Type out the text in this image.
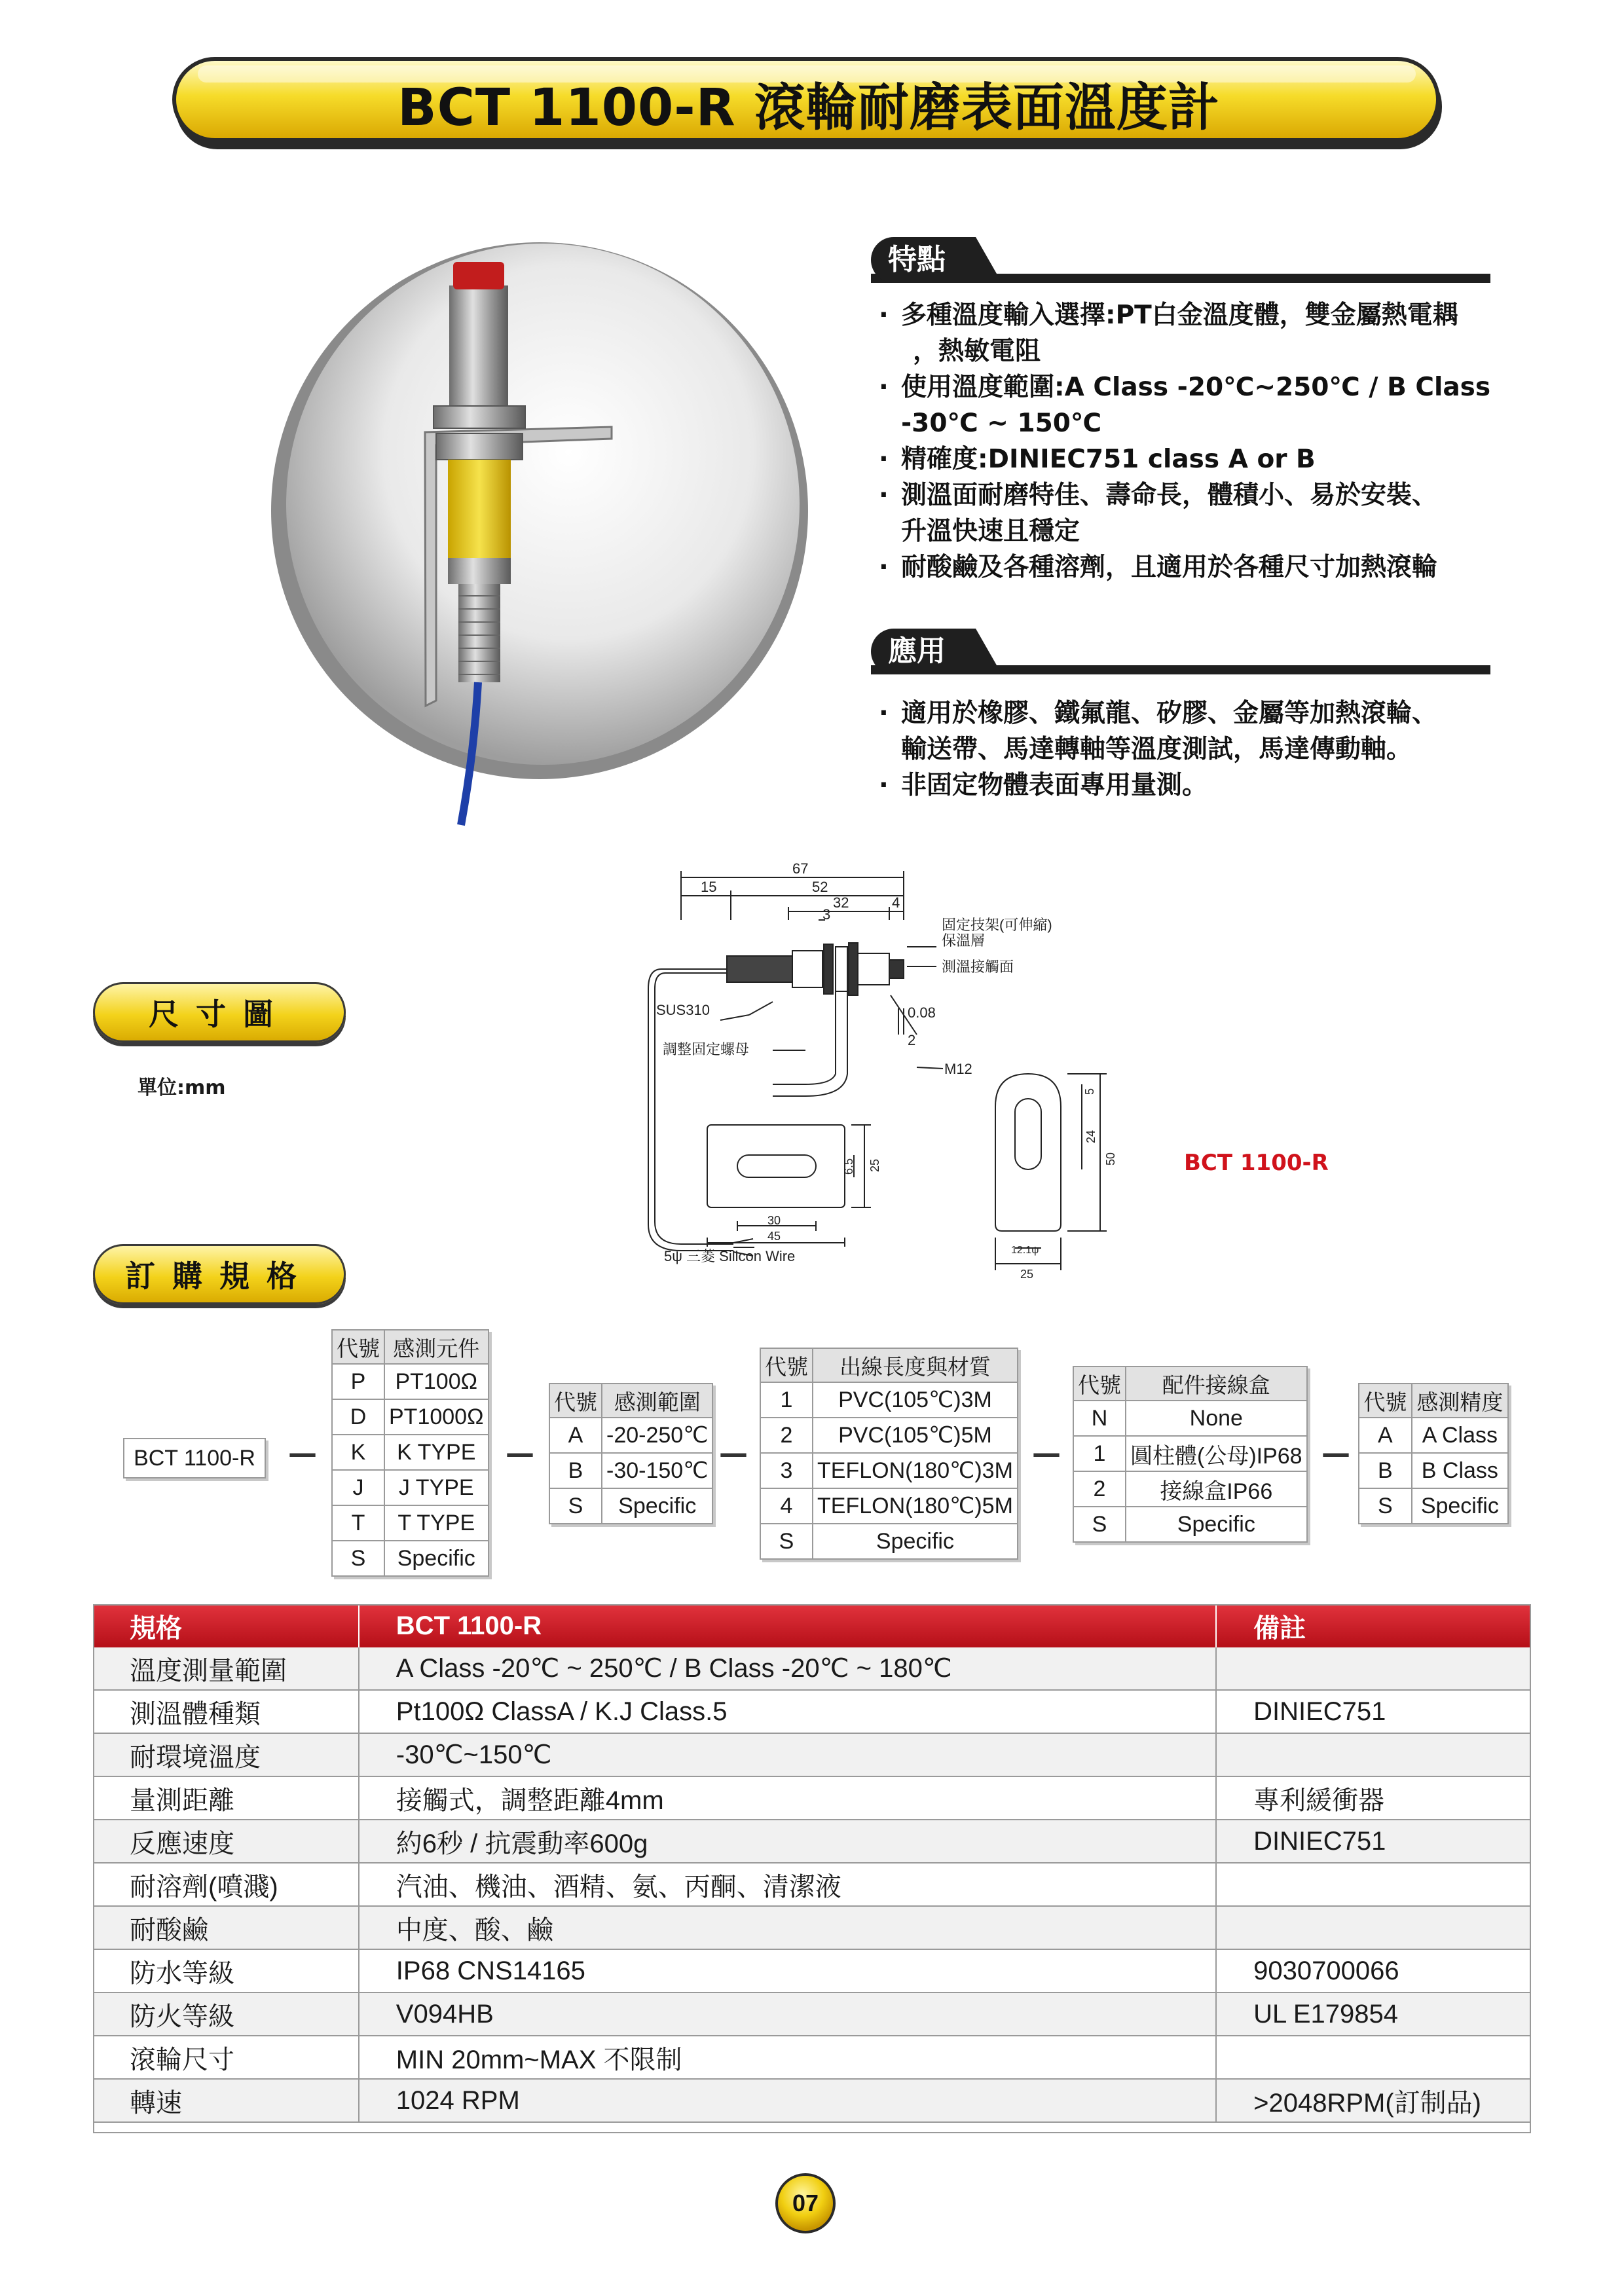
BCT 1100-R 滾輪耐磨表面溫度計
特點
· 多種溫度輸入選擇:PT白金溫度體，雙金屬熱電耦
，熱敏電阻
· 使用溫度範圍:A Class -20℃~250℃ / B Class
-30℃ ~ 150℃
· 精確度:DINIEC751 class A or B
· 測溫面耐磨特佳、壽命長，體積小、易於安裝、
升溫快速且穩定
· 耐酸鹼及各種溶劑，且適用於各種尺寸加熱滾輪
應用
· 適用於橡膠、鐵氟龍、矽膠、金屬等加熱滾輪、
輸送帶、馬達轉軸等溫度測試，馬達傳動軸。
· 非固定物體表面專用量測。
尺寸圖
單位:mm
67
15	52
32
3
4
固定技架(可伸縮)
保溫層
測溫接觸面
SUS310
調整固定螺母
0.08
2
M12
6.5 25
30
45
5ψ 三菱 Silicon Wire
5
24
50
12.1ψ
25
BCT 1100-R
訂購規格
BCT 1100-R	—	—	—	—	—
代號	感測元件
P	PT100Ω
D	PT1000Ω
K	K TYPE
J	J TYPE
T	T TYPE
S	Specific
代號	感測範圍
A	-20-250℃
B	-30-150℃
S	Specific
代號	出線長度與材質
1	PVC(105℃)3M
2	PVC(105℃)5M
3	TEFLON(180℃)3M
4	TEFLON(180℃)5M
S	Specific
代號	配件接線盒
N	None
1	圓柱體(公母)IP68
2	接線盒IP66
S	Specific
代號	感測精度
A	A Class
B	B Class
S	Specific
規格	BCT 1100-R	備註
溫度測量範圍	A Class -20℃ ~ 250℃ / B Class -20℃ ~ 180℃	
測溫體種類	Pt100Ω ClassA / K.J Class.5	DINIEC751
耐環境溫度	-30℃~150℃	
量測距離	接觸式，調整距離4mm	專利緩衝器
反應速度	約6秒 / 抗震動率600g	DINIEC751
耐溶劑(噴濺)	汽油、機油、酒精、氨、丙酮、清潔液	
耐酸鹼	中度、酸、鹼	
防水等級	IP68 CNS14165	9030700066
防火等級	V094HB	UL E179854
滾輪尺寸	MIN 20mm~MAX 不限制	
轉速	1024 RPM	>2048RPM(訂制品)
07
